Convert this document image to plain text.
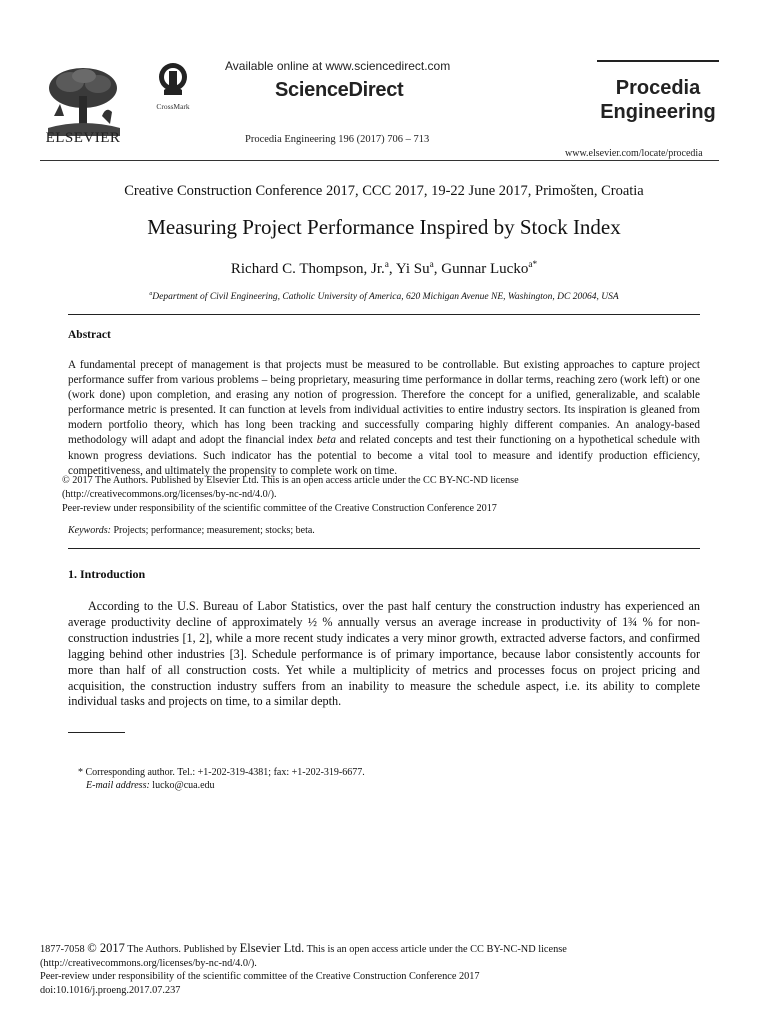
ELSEVIER
CrossMark
Available online at www.sciencedirect.com
ScienceDirect
Procedia Engineering 196 (2017) 706 – 713
Procedia
Engineering
www.elsevier.com/locate/procedia
Creative Construction Conference 2017, CCC 2017, 19-22 June 2017, Primošten, Croatia
Measuring Project Performance Inspired by Stock Index
Richard C. Thompson, Jr.$^a$, Yi Su$^a$, Gunnar Lucko$^{a*}$
$^a$Department of Civil Engineering, Catholic University of America, 620 Michigan Avenue NE, Washington, DC 20064, USA
Abstract
A fundamental precept of management is that projects must be measured to be controllable. But existing approaches to capture project performance suffer from various problems – being proprietary, measuring time performance in dollar terms, reaching zero (work left) or one (work done) upon completion, and erasing any notion of progression. Therefore the concept for a unified, generalizable, and scalable performance metric is presented. It can function at levels from individual activities to entire industry sectors. Its inspiration is gleaned from modern portfolio theory, which has long been tracking and successfully comparing highly different companies. An analogy-based methodology will adapt and adopt the financial index beta and related concepts and test their functioning on a hypothetical schedule with known progress deviations. Such indicator has the potential to become a vital tool to measure and identify production efficiency, competitiveness, and ultimately the propensity to complete work on time.
© 2017 The Authors. Published by Elsevier Ltd. This is an open access article under the CC BY-NC-ND license
(http://creativecommons.org/licenses/by-nc-nd/4.0/).
Peer-review under responsibility of the scientific committee of the Creative Construction Conference 2017
Keywords: Projects; performance; measurement; stocks; beta.
1. Introduction
According to the U.S. Bureau of Labor Statistics, over the past half century the construction industry has experienced an average productivity decline of approximately ½ % annually versus an average increase in productivity of 1¾ % for non-construction industries [1, 2], while a more recent study indicates a very minor growth, extracted adverse factors, and confirmed lagging behind other industries [3]. Schedule performance is of primary importance, because labor consistently accounts for more than half of all construction costs. Yet while a multiplicity of metrics and processes focus on project pricing and acquisition, the construction industry suffers from an inability to measure the schedule aspect, i.e. its ability to complete individual tasks and projects on time, to a similar depth.
* Corresponding author. Tel.: +1-202-319-4381; fax: +1-202-319-6677.
E-mail address: lucko@cua.edu
1877-7058 © 2017 The Authors. Published by Elsevier Ltd. This is an open access article under the CC BY-NC-ND license
(http://creativecommons.org/licenses/by-nc-nd/4.0/).
Peer-review under responsibility of the scientific committee of the Creative Construction Conference 2017
doi:10.1016/j.proeng.2017.07.237
